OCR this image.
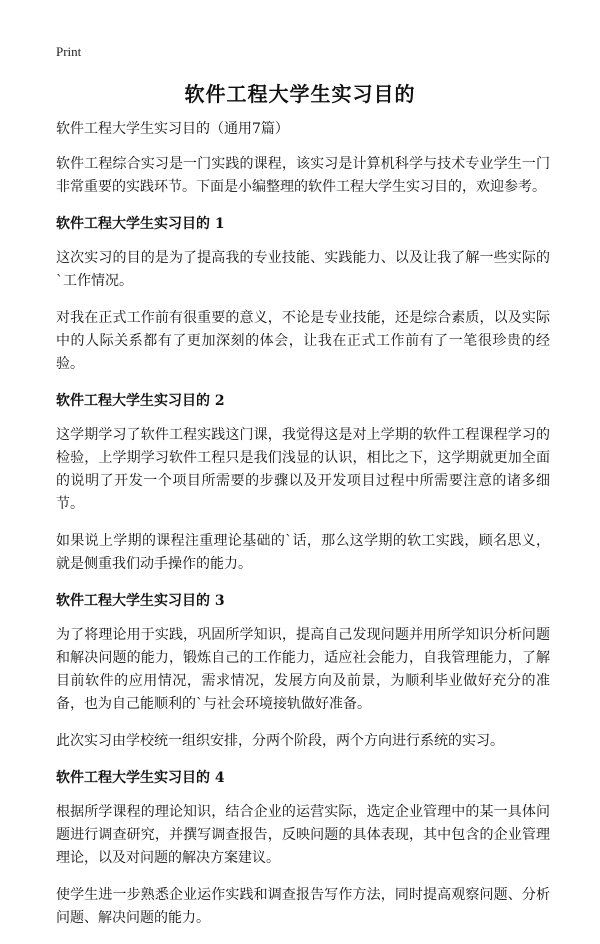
Print
软件工程大学生实习目的

软件工程大学生实习目的（通用7篇）

软件工程综合实习是一门实践的课程，该实习是计算机科学与技术专业学生一门非常重要的实践环节。下面是小编整理的软件工程大学生实习目的，欢迎参考。

软件工程大学生实习目的 1

这次实习的目的是为了提高我的专业技能、实践能力、以及让我了解一些实际的`工作情况。

对我在正式工作前有很重要的意义，不论是专业技能，还是综合素质，以及实际中的人际关系都有了更加深刻的体会，让我在正式工作前有了一笔很珍贵的经验。

软件工程大学生实习目的 2

这学期学习了软件工程实践这门课，我觉得这是对上学期的软件工程课程学习的检验，上学期学习软件工程只是我们浅显的认识，相比之下，这学期就更加全面的说明了开发一个项目所需要的步骤以及开发项目过程中所需要注意的诸多细节。

如果说上学期的课程注重理论基础的`话，那么这学期的软工实践，顾名思义，就是侧重我们动手操作的能力。

软件工程大学生实习目的 3

为了将理论用于实践，巩固所学知识，提高自己发现问题并用所学知识分析问题和解决问题的能力，锻炼自己的工作能力，适应社会能力，自我管理能力，了解目前软件的应用情况，需求情况，发展方向及前景，为顺利毕业做好充分的准备，也为自己能顺利的`与社会环境接轨做好准备。

此次实习由学校统一组织安排，分两个阶段，两个方向进行系统的实习。

软件工程大学生实习目的 4

根据所学课程的理论知识，结合企业的运营实际，选定企业管理中的某一具体问题进行调查研究，并撰写调查报告，反映问题的具体表现，其中包含的企业管理理论，以及对问题的解决方案建议。

使学生进一步熟悉企业运作实践和调查报告写作方法，同时提高观察问题、分析问题、解决问题的能力。
